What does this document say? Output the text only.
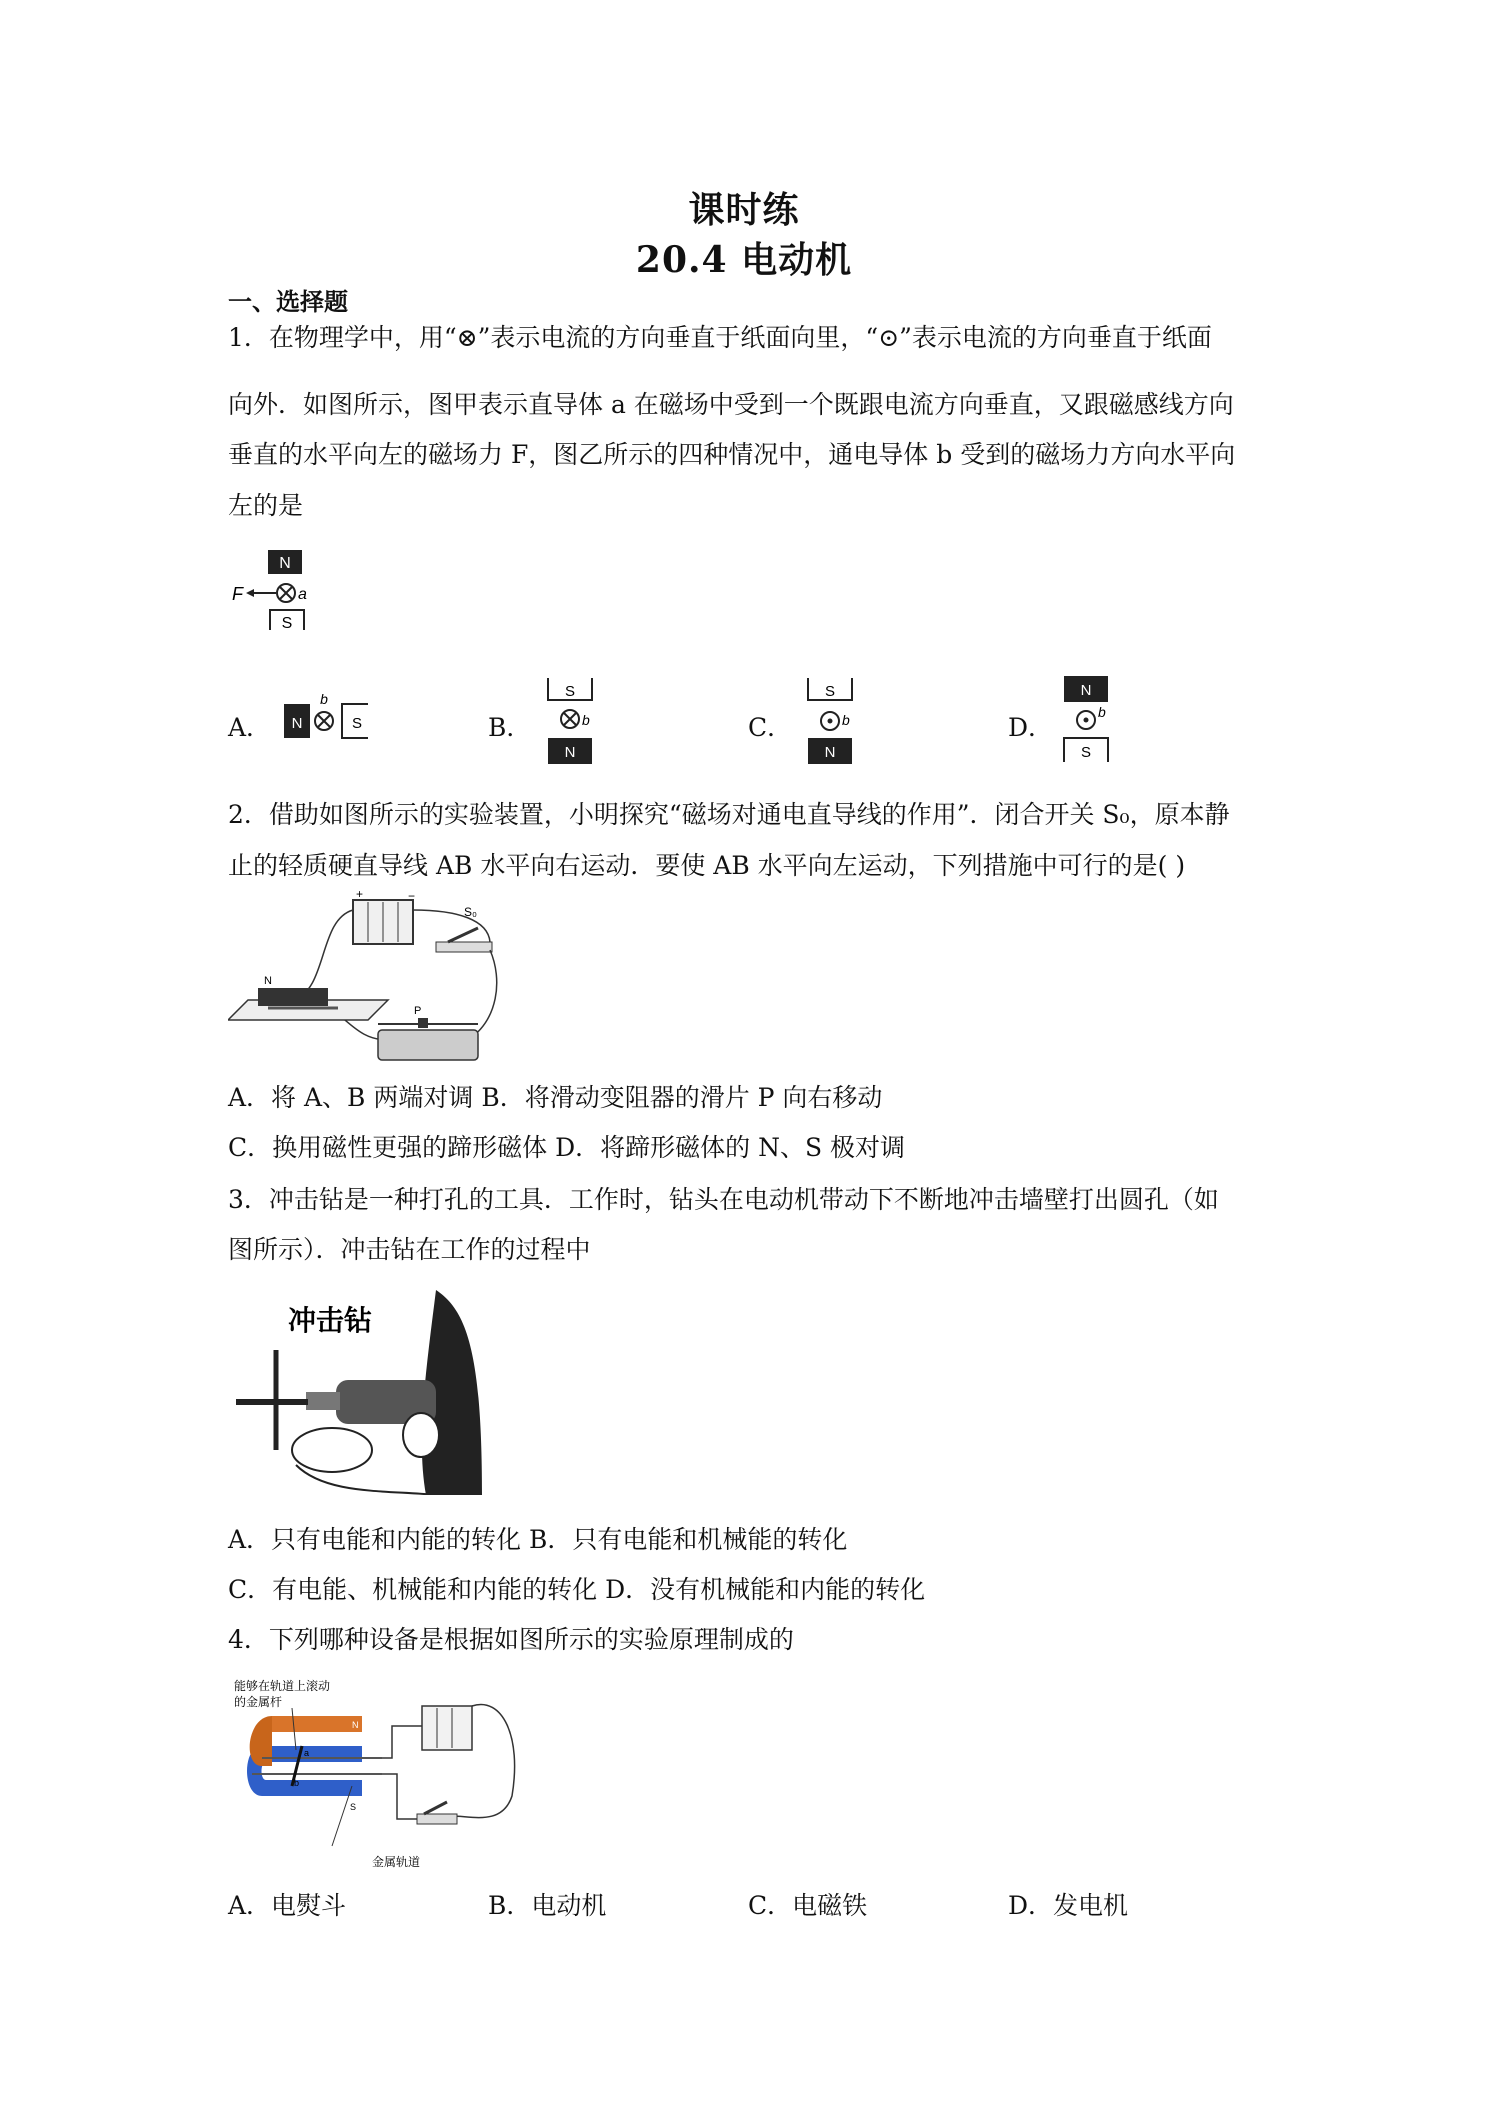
课时练
20.4 电动机
一、选择题
1．在物理学中，用“⊗”表示电流的方向垂直于纸面向里，“⊙”表示电流的方向垂直于纸面
向外．如图所示，图甲表示直导体 a 在磁场中受到一个既跟电流方向垂直，又跟磁感线方向
垂直的水平向左的磁场力 F，图乙所示的四种情况中，通电导体 b 受到的磁场力方向水平向
左的是
N
a
F
S
A． N
b
S	B．
S
b
N
C．
S
b
N
D．
N
b
S
2．借助如图所示的实验装置，小明探究“磁场对通电直导线的作用”．闭合开关 S₀，原本静
止的轻质硬直导线 AB 水平向右运动．要使 AB 水平向左运动，下列措施中可行的是( )
+	−
S₀
N
P
A．将 A、B 两端对调 B．将滑动变阻器的滑片 P 向右移动
C．换用磁性更强的蹄形磁体 D．将蹄形磁体的 N、S 极对调
3．冲击钻是一种打孔的工具．工作时，钻头在电动机带动下不断地冲击墙壁打出圆孔（如
图所示）．冲击钻在工作的过程中
冲击钻
A．只有电能和内能的转化 B．只有电能和机械能的转化
C．有电能、机械能和内能的转化 D．没有机械能和内能的转化
4．下列哪种设备是根据如图所示的实验原理制成的
能够在轨道上滚动
的金属杆
N
S
a
b
金属轨道
A．电熨斗	B．电动机	C．电磁铁	D．发电机
